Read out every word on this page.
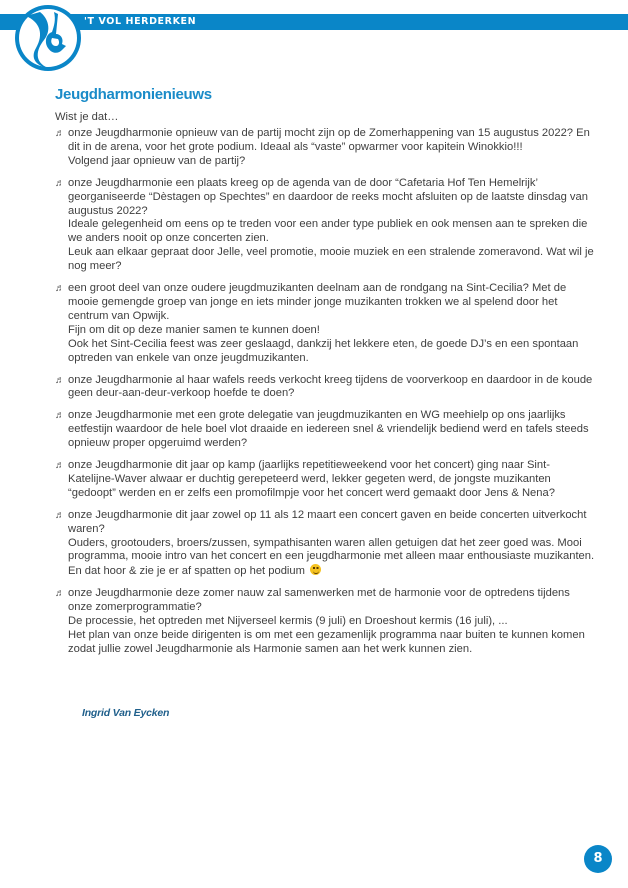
'T VOL HERDERKEN
Jeugdharmonienieuws
Wist je dat…
♬ onze Jeugdharmonie opnieuw van de partij mocht zijn op de Zomerhappening van 15 augustus 2022? En dit in de arena, voor het grote podium. Ideaal als “vaste” opwarmer voor kapitein Winokkio!!!

Volgend jaar opnieuw van de partij?

♬ onze Jeugdharmonie een plaats kreeg op de agenda van de door “Cafetaria Hof Ten Hemelrijk’ georganiseerde “Dèstagen op Spechtes” en daardoor de reeks mocht afsluiten op de laatste dinsdag van augustus 2022?

Ideale gelegenheid om eens op te treden voor een ander type publiek en ook mensen aan te spreken die we anders nooit op onze concerten zien.

Leuk aan elkaar gepraat door Jelle, veel promotie, mooie muziek en een stralende zomeravond. Wat wil je nog meer?

♬ een groot deel van onze oudere jeugdmuzikanten deelnam aan de rondgang na Sint-Cecilia? Met de mooie gemengde groep van jonge en iets minder jonge muzikanten trokken we al spelend door het centrum van Opwijk.

Fijn om dit op deze manier samen te kunnen doen!

Ook het Sint-Cecilia feest was zeer geslaagd, dankzij het lekkere eten, de goede DJ’s en een spontaan optreden van enkele van onze jeugdmuzikanten.

♬ onze Jeugdharmonie al haar wafels reeds verkocht kreeg tijdens de voorverkoop en daardoor in de koude geen deur-aan-deur-verkoop hoefde te doen?

♬ onze Jeugdharmonie met een grote delegatie van jeugdmuzikanten en WG meehielp op ons jaarlijks eetfestijn waardoor de hele boel vlot draaide en iedereen snel & vriendelijk bediend werd en tafels steeds opnieuw proper opgeruimd werden?

♬ onze Jeugdharmonie dit jaar op kamp (jaarlijks repetitieweekend voor het concert) ging naar Sint-Katelijne-Waver alwaar er duchtig gerepeteerd werd, lekker gegeten werd, de jongste muzikanten “gedoopt” werden en er zelfs een promofilmpje voor het concert werd gemaakt door Jens & Nena?

♬ onze Jeugdharmonie dit jaar zowel op 11 als 12 maart een concert gaven en beide concerten uitverkocht waren?

Ouders, grootouders, broers/zussen, sympathisanten waren allen getuigen dat het zeer goed was. Mooi programma, mooie intro van het concert en een jeugdharmonie met alleen maar enthousiaste muzikanten. En dat hoor & zie je er af spatten op het podium

♬ onze Jeugdharmonie deze zomer nauw zal samenwerken met de harmonie voor de optredens tijdens onze zomerprogrammatie?

De processie, het optreden met Nijverseel kermis (9 juli) en Droeshout kermis (16 juli), ...

Het plan van onze beide dirigenten is om met een gezamenlijk programma naar buiten te kunnen komen zodat jullie zowel Jeugdharmonie als Harmonie samen aan het werk kunnen zien.

Ingrid Van Eycken
8
